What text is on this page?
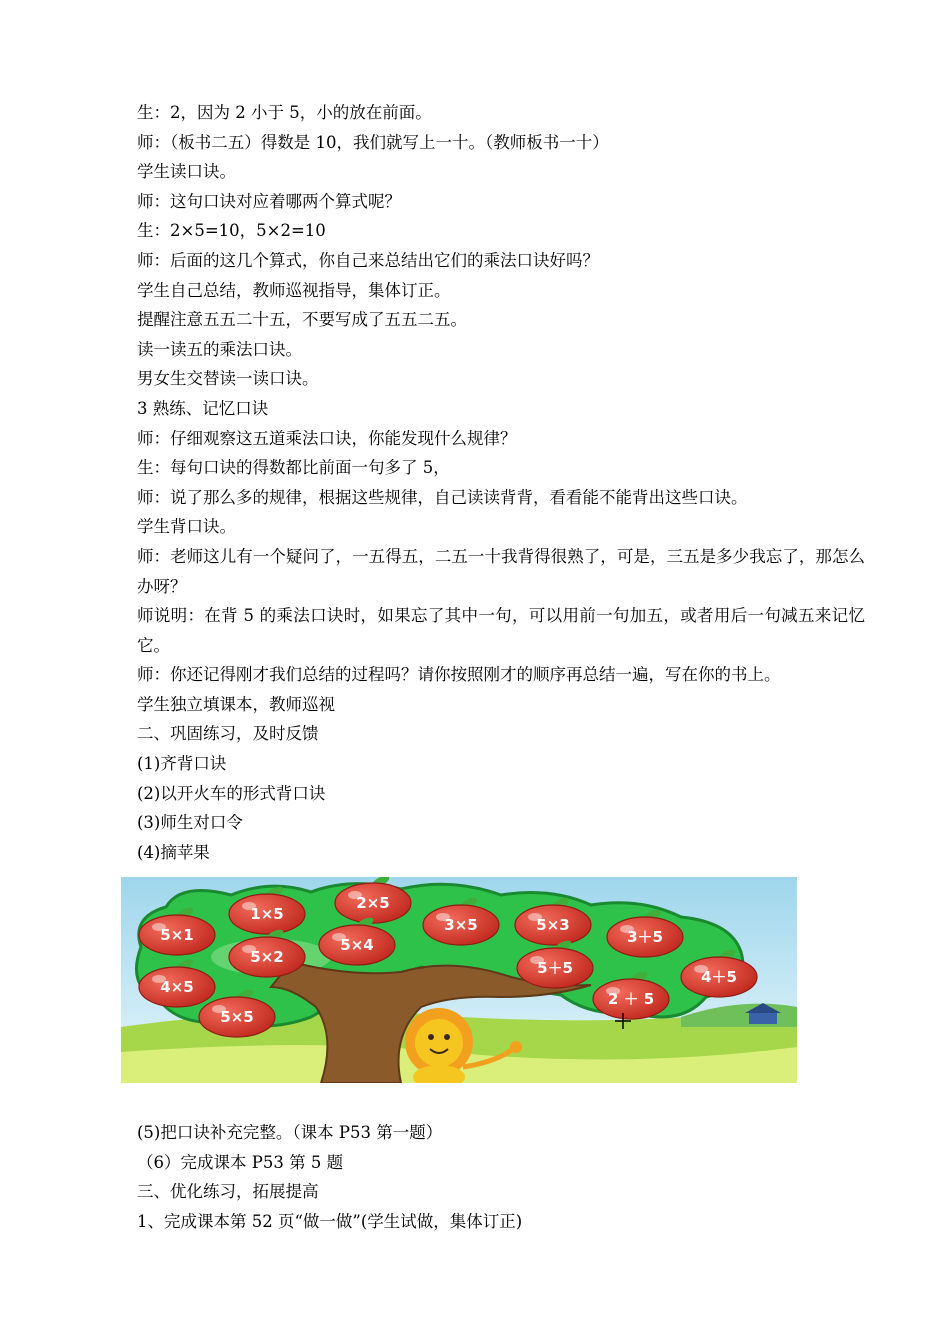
生：2，因为 2 小于 5，小的放在前面。
师：（板书二五）得数是 10，我们就写上一十。（教师板书一十）
学生读口诀。
师：这句口诀对应着哪两个算式呢？
生：2×5=10，5×2=10
师：后面的这几个算式，你自己来总结出它们的乘法口诀好吗？
学生自己总结，教师巡视指导，集体订正。
提醒注意五五二十五，不要写成了五五二五。
读一读五的乘法口诀。
男女生交替读一读口诀。
3 熟练、记忆口诀
师：仔细观察这五道乘法口诀，你能发现什么规律？
生：每句口诀的得数都比前面一句多了 5，
师：说了那么多的规律，根据这些规律，自己读读背背，看看能不能背出这些口诀。
学生背口诀。
师：老师这儿有一个疑问了，一五得五，二五一十我背得很熟了，可是，三五是多少我忘了，那怎么办呀？
师说明：在背 5 的乘法口诀时，如果忘了其中一句，可以用前一句加五，或者用后一句减五来记忆它。
师：你还记得刚才我们总结的过程吗？请你按照刚才的顺序再总结一遍，写在你的书上。
学生独立填课本，教师巡视
二、巩固练习，及时反馈
(1)齐背口诀
(2)以开火车的形式背口诀
(3)师生对口令
(4)摘苹果
1×5
2×5
5×1
5×2
5×4
3×5	5×3
3＋5
5＋5
4×5
4＋5
2 ＋ 5
5×5
(5)把口诀补充完整。（课本 P53 第一题）
（6）完成课本 P53 第 5 题
三、优化练习，拓展提高
1、完成课本第 52 页“做一做”(学生试做，集体订正)
